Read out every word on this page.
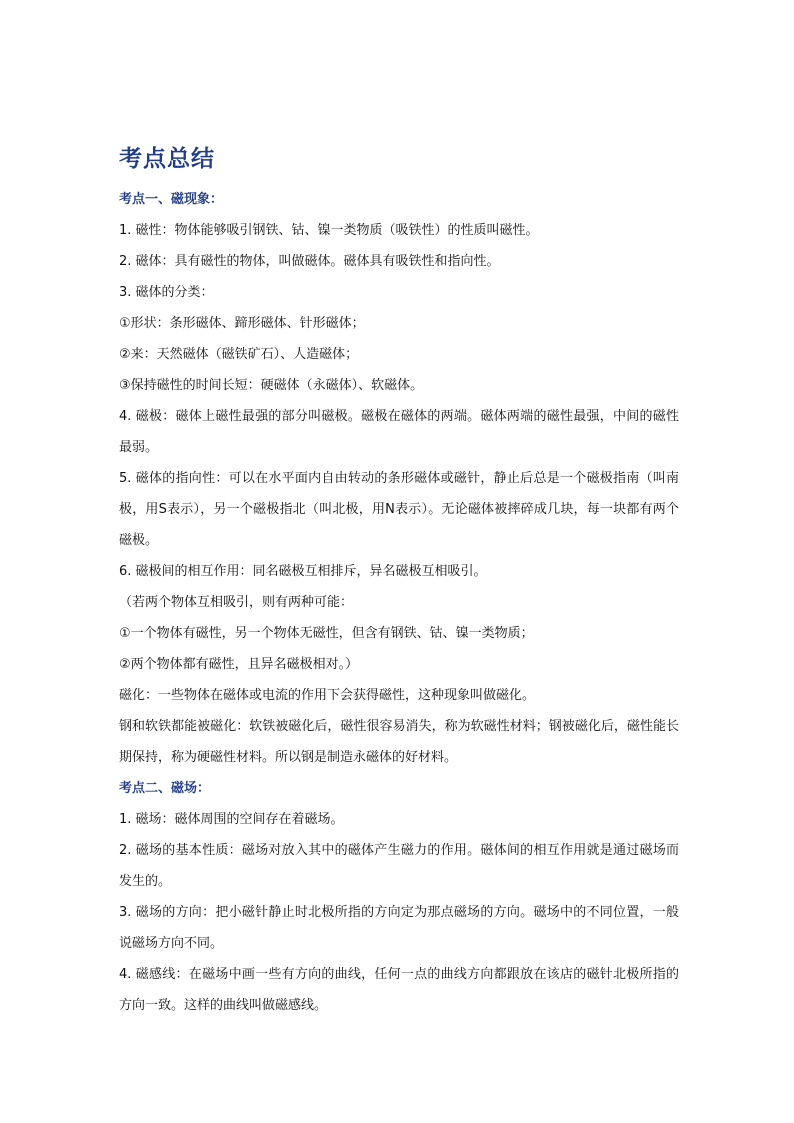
考点总结
考点一、磁现象：

1. 磁性：物体能够吸引钢铁、钴、镍一类物质（吸铁性）的性质叫磁性。

2. 磁体：具有磁性的物体，叫做磁体。磁体具有吸铁性和指向性。

3. 磁体的分类：

①形状：条形磁体、蹄形磁体、针形磁体；

②来：天然磁体（磁铁矿石）、人造磁体；

③保持磁性的时间长短：硬磁体（永磁体）、软磁体。

4. 磁极：磁体上磁性最强的部分叫磁极。磁极在磁体的两端。磁体两端的磁性最强，中间的磁性最弱。

5. 磁体的指向性：可以在水平面内自由转动的条形磁体或磁针，静止后总是一个磁极指南（叫南极，用S表示），另一个磁极指北（叫北极，用N表示）。无论磁体被摔碎成几块，每一块都有两个磁极。

6. 磁极间的相互作用：同名磁极互相排斥，异名磁极互相吸引。

（若两个物体互相吸引，则有两种可能：

①一个物体有磁性，另一个物体无磁性，但含有钢铁、钴、镍一类物质；

②两个物体都有磁性，且异名磁极相对。）

磁化：一些物体在磁体或电流的作用下会获得磁性，这种现象叫做磁化。

钢和软铁都能被磁化：软铁被磁化后，磁性很容易消失，称为软磁性材料；钢被磁化后，磁性能长期保持，称为硬磁性材料。所以钢是制造永磁体的好材料。

考点二、磁场：

1. 磁场：磁体周围的空间存在着磁场。

2. 磁场的基本性质：磁场对放入其中的磁体产生磁力的作用。磁体间的相互作用就是通过磁场而发生的。

3. 磁场的方向：把小磁针静止时北极所指的方向定为那点磁场的方向。磁场中的不同位置，一般说磁场方向不同。

4. 磁感线：在磁场中画一些有方向的曲线，任何一点的曲线方向都跟放在该店的磁针北极所指的方向一致。这样的曲线叫做磁感线。
